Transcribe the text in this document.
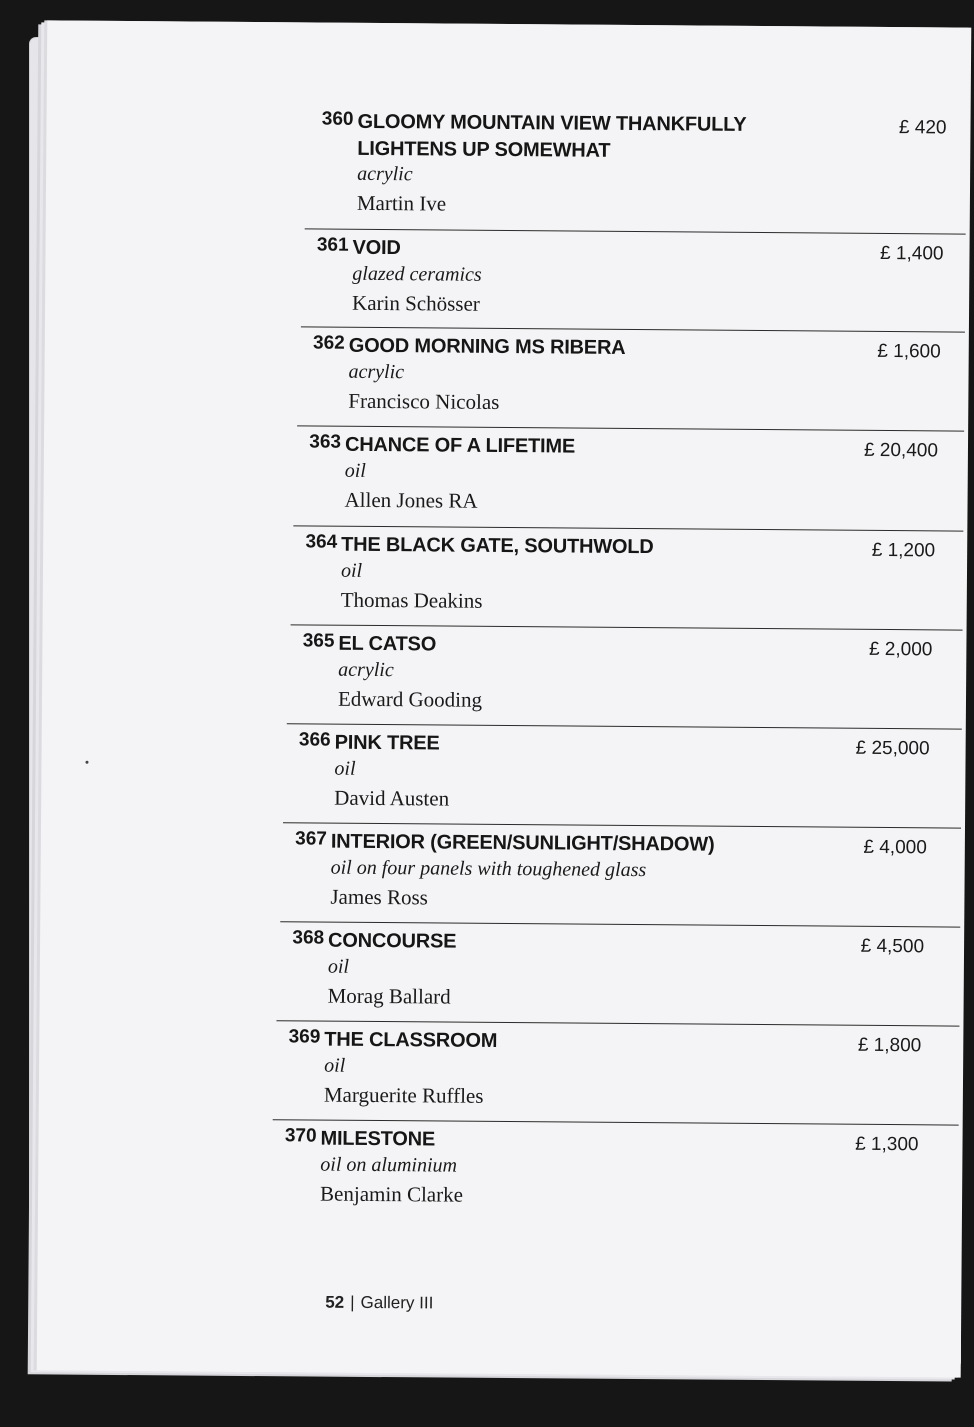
360 GLOOMY MOUNTAIN VIEW THANKFULLY LIGHTENS UP SOMEWHAT
acrylic
Martin Ive
£ 420
361 VOID
glazed ceramics
Karin Schösser
£ 1,400
362 GOOD MORNING MS RIBERA
acrylic
Francisco Nicolas
£ 1,600
363 CHANCE OF A LIFETIME
oil
Allen Jones RA
£ 20,400
364 THE BLACK GATE, SOUTHWOLD
oil
Thomas Deakins
£ 1,200
365 EL CATSO
acrylic
Edward Gooding
£ 2,000
366 PINK TREE
oil
David Austen
£ 25,000
367 INTERIOR (GREEN/SUNLIGHT/SHADOW)
oil on four panels with toughened glass
James Ross
£ 4,000
368 CONCOURSE
oil
Morag Ballard
£ 4,500
369 THE CLASSROOM
oil
Marguerite Ruffles
£ 1,800
370 MILESTONE
oil on aluminium
Benjamin Clarke
£ 1,300
52 | Gallery III
